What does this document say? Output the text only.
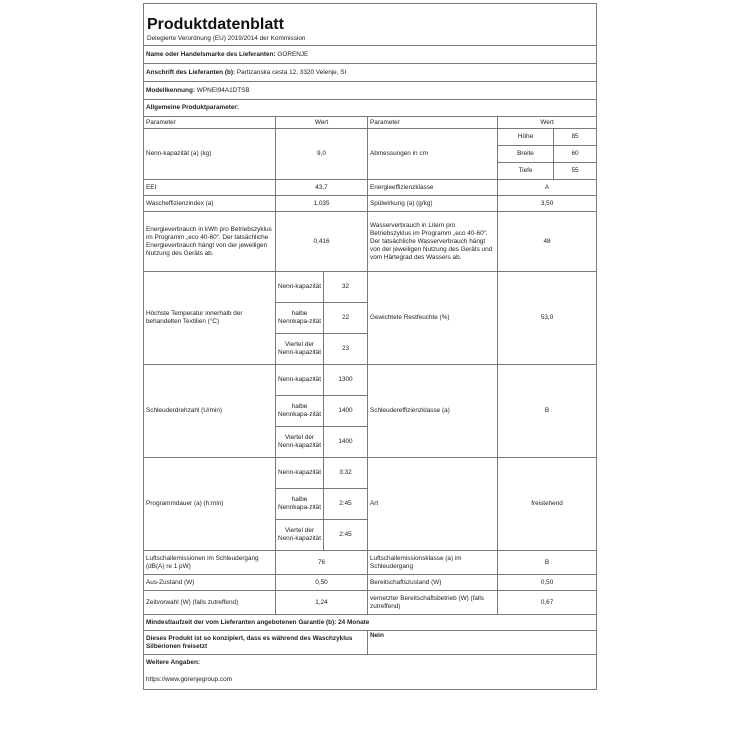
Produktdatenblatt					
Delegierte Verordnung (EU) 2019/2014 der Kommission					
Name oder Handelsmarke des Lieferanten: GORENJE					
Anschrift des Lieferanten (b): Partizanska cesta 12, 3320 Velenje, SI					
Modellkennung: WPNEI94A1DTSB					
Allgemeine Produktparameter:					
Parameter	Wert		Parameter	Wert	
Nenn-kapazität (a) (kg)	9,0		Abmessungen in cm	Höhe	85
				Breite	60
				Tiefe	55
EEI	43,7		Energieeffizienzklasse	A	
Wascheffizienzindex (a)	1,035		Spülwirkung (a) (g/kg)	3,50	
Energieverbrauch in kWh pro Betriebszyklus im Programm „eco 40-60“. Der tatsächliche Energieverbrauch hängt von der jeweiligen Nutzung des Geräts ab.	0,416		Wasserverbrauch in Litern pro Betriebszyklus im Programm „eco 40-60“. Der tatsächliche Wasserverbrauch hängt von der jeweiligen Nutzung des Geräts und vom Härtegrad des Wassers ab.	48	
Höchste Temperatur innerhalb der behandelten Textilien (°C)	Nenn-kapazität	32	Gewichtete Restfeuchte (%)	53,0	
	halbe Nennkapa-zität	22			
	Viertel der Nenn-kapazität	23			
Schleuderdrehzahl (U/min)	Nenn-kapazität	1300	Schleudereffizienzklasse (a)	B	
	halbe Nennkapa-zität	1400			
	Viertel der Nenn-kapazität	1400			
Programmdauer (a) (h:min)	Nenn-kapazität	3:32	Art	freistehend	
	halbe Nennkapa-zität	2:45			
	Viertel der Nenn-kapazität	2:45			
Luftschallemissionen im Schleudergang (dB(A) re 1 pW)	76		Luftschallemissionsklasse (a) im Schleudergang	B	
Aus-Zustand (W)	0,50		Bereitschaftszustand (W)	0,50	
Zeitvorwahl (W) (falls zutreffend)	1,24		vernetzter Bereitschaftsbetrieb (W) (falls zutreffend)	0,67	
Mindestlaufzeit der vom Lieferanten angebotenen Garantie (b): 24 Monate					
Dieses Produkt ist so konzipiert, dass es während des Waschzyklus Silberionen freisetzt			Nein		
Weitere Angaben:					
https://www.gorenjegroup.com					
